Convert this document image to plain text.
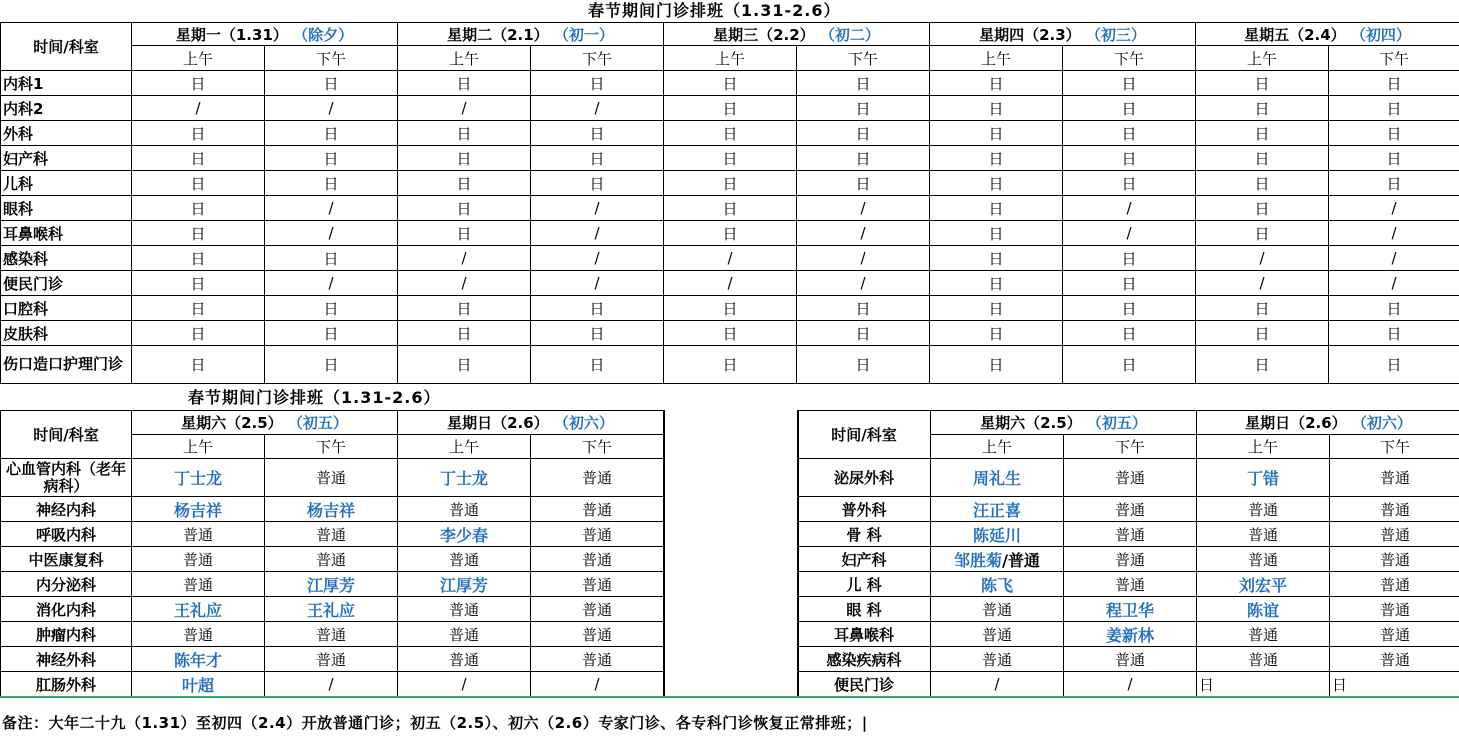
春节期间门诊排班（1.31-2.6）
时间/科室	星期一（1.31） （除夕）		星期二（2.1） （初一）		星期三（2.2） （初二）		星期四（2.3） （初三）		星期五（2.4） （初四）	
	上午	下午	上午	下午	上午	下午	上午	下午	上午	下午
内科1	日	日	日	日	日	日	日	日	日	日
内科2	/	/	/	/	日	日	日	日	日	日
外科	日	日	日	日	日	日	日	日	日	日
妇产科	日	日	日	日	日	日	日	日	日	日
儿科	日	日	日	日	日	日	日	日	日	日
眼科	日	/	日	/	日	/	日	/	日	/
耳鼻喉科	日	/	日	/	日	/	日	/	日	/
感染科	日	日	/	/	/	/	日	日	/	/
便民门诊	日	/	/	/	/	/	日	日	/	/
口腔科	日	日	日	日	日	日	日	日	日	日
皮肤科	日	日	日	日	日	日	日	日	日	日
伤口造口护理门诊	日	日	日	日	日	日	日	日	日	日
春节期间门诊排班（1.31-2.6）
时间/科室	星期六（2.5） （初五）		星期日（2.6） （初六）	
	上午	下午	上午	下午
心血管内科（老年病科）	丁士龙	普通	丁士龙	普通
神经内科	杨吉祥	杨吉祥	普通	普通
呼吸内科	普通	普通	李少春	普通
中医康复科	普通	普通	普通	普通
内分泌科	普通	江厚芳	江厚芳	普通
消化内科	王礼应	王礼应	普通	普通
肿瘤内科	普通	普通	普通	普通
神经外科	陈年才	普通	普通	普通
肛肠外科	叶超	/	/	/
时间/科室	星期六（2.5） （初五）		星期日（2.6） （初六）	
	上午	下午	上午	下午
泌尿外科	周礼生	普通	丁错	普通
普外科	汪正喜	普通	普通	普通
骨 科	陈延川	普通	普通	普通
妇产科	邹胜菊/普通	普通	普通	普通
儿 科	陈飞	普通	刘宏平	普通
眼 科	普通	程卫华	陈谊	普通
耳鼻喉科	普通	姜新林	普通	普通
感染疾病科	普通	普通	普通	普通
便民门诊	/	/	日	日
备注：大年二十九（1.31）至初四（2.4）开放普通门诊；初五（2.5）、初六（2.6）专家门诊、各专科门诊恢复正常排班；|
